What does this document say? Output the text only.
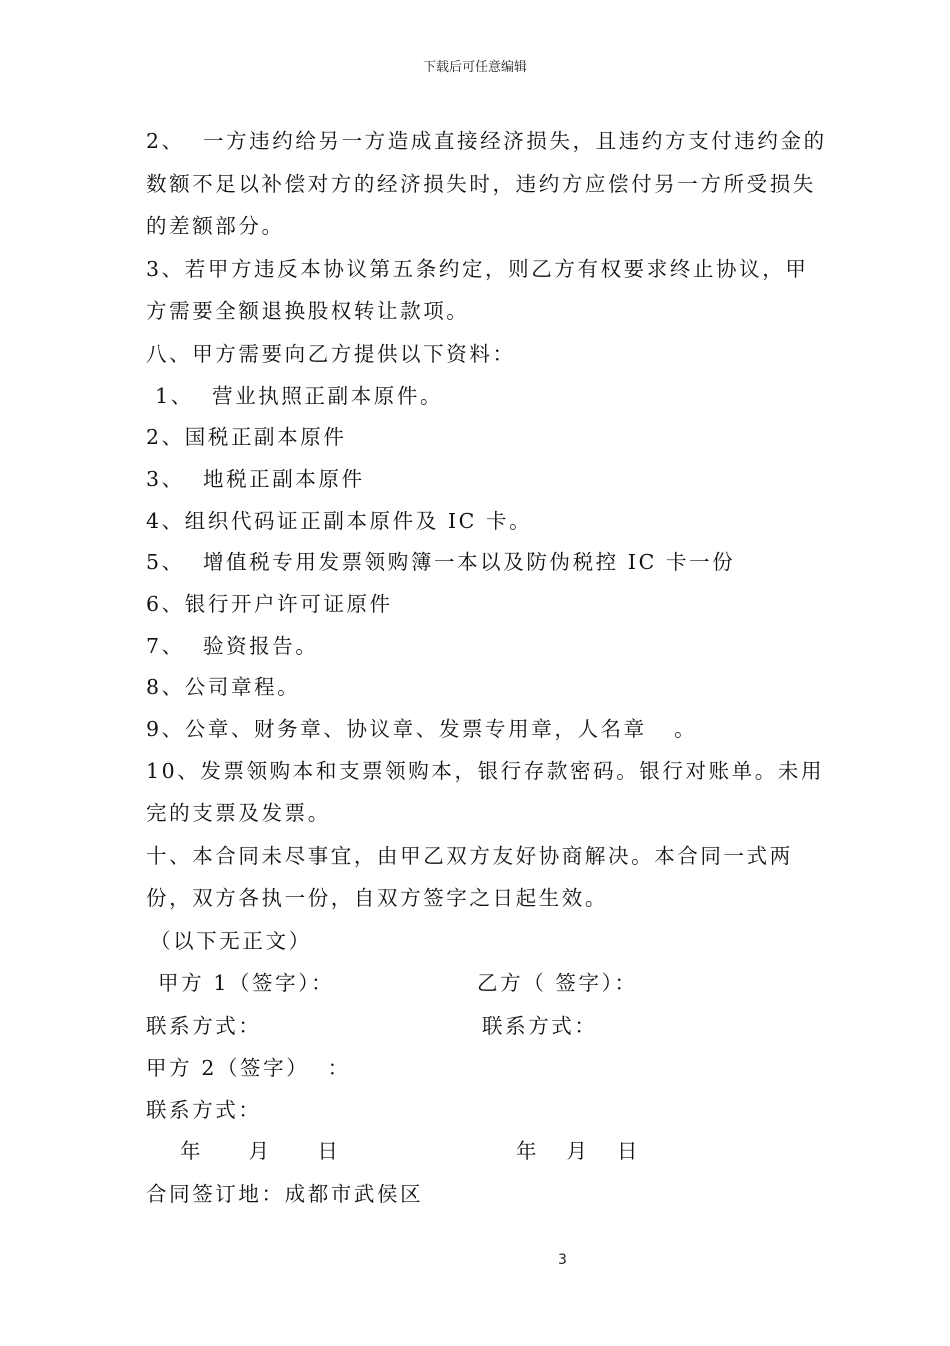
下载后可任意编辑
2、  一方违约给另一方造成直接经济损失，且违约方支付违约金的
数额不足以补偿对方的经济损失时，违约方应偿付另一方所受损失
的差额部分。
3、若甲方违反本协议第五条约定，则乙方有权要求终止协议，甲
方需要全额退换股权转让款项。
八、甲方需要向乙方提供以下资料：
1、  营业执照正副本原件。
2、国税正副本原件
3、  地税正副本原件
4、组织代码证正副本原件及 IC 卡。
5、  增值税专用发票领购簿一本以及防伪税控 IC 卡一份
6、银行开户许可证原件
7、  验资报告。
8、公司章程。
9、公章、财务章、协议章、发票专用章，人名章   。
10、发票领购本和支票领购本，银行存款密码。银行对账单。未用
完的支票及发票。
十、本合同未尽事宜，由甲乙双方友好协商解决。本合同一式两
份，双方各执一份，自双方签字之日起生效。
（以下无正文）
甲方 1（签字）：	乙方（ 签字）：
联系方式：	联系方式：
甲方 2（签字）  ：
联系方式：
年     月     日	年   月   日
合同签订地：成都市武侯区
3
